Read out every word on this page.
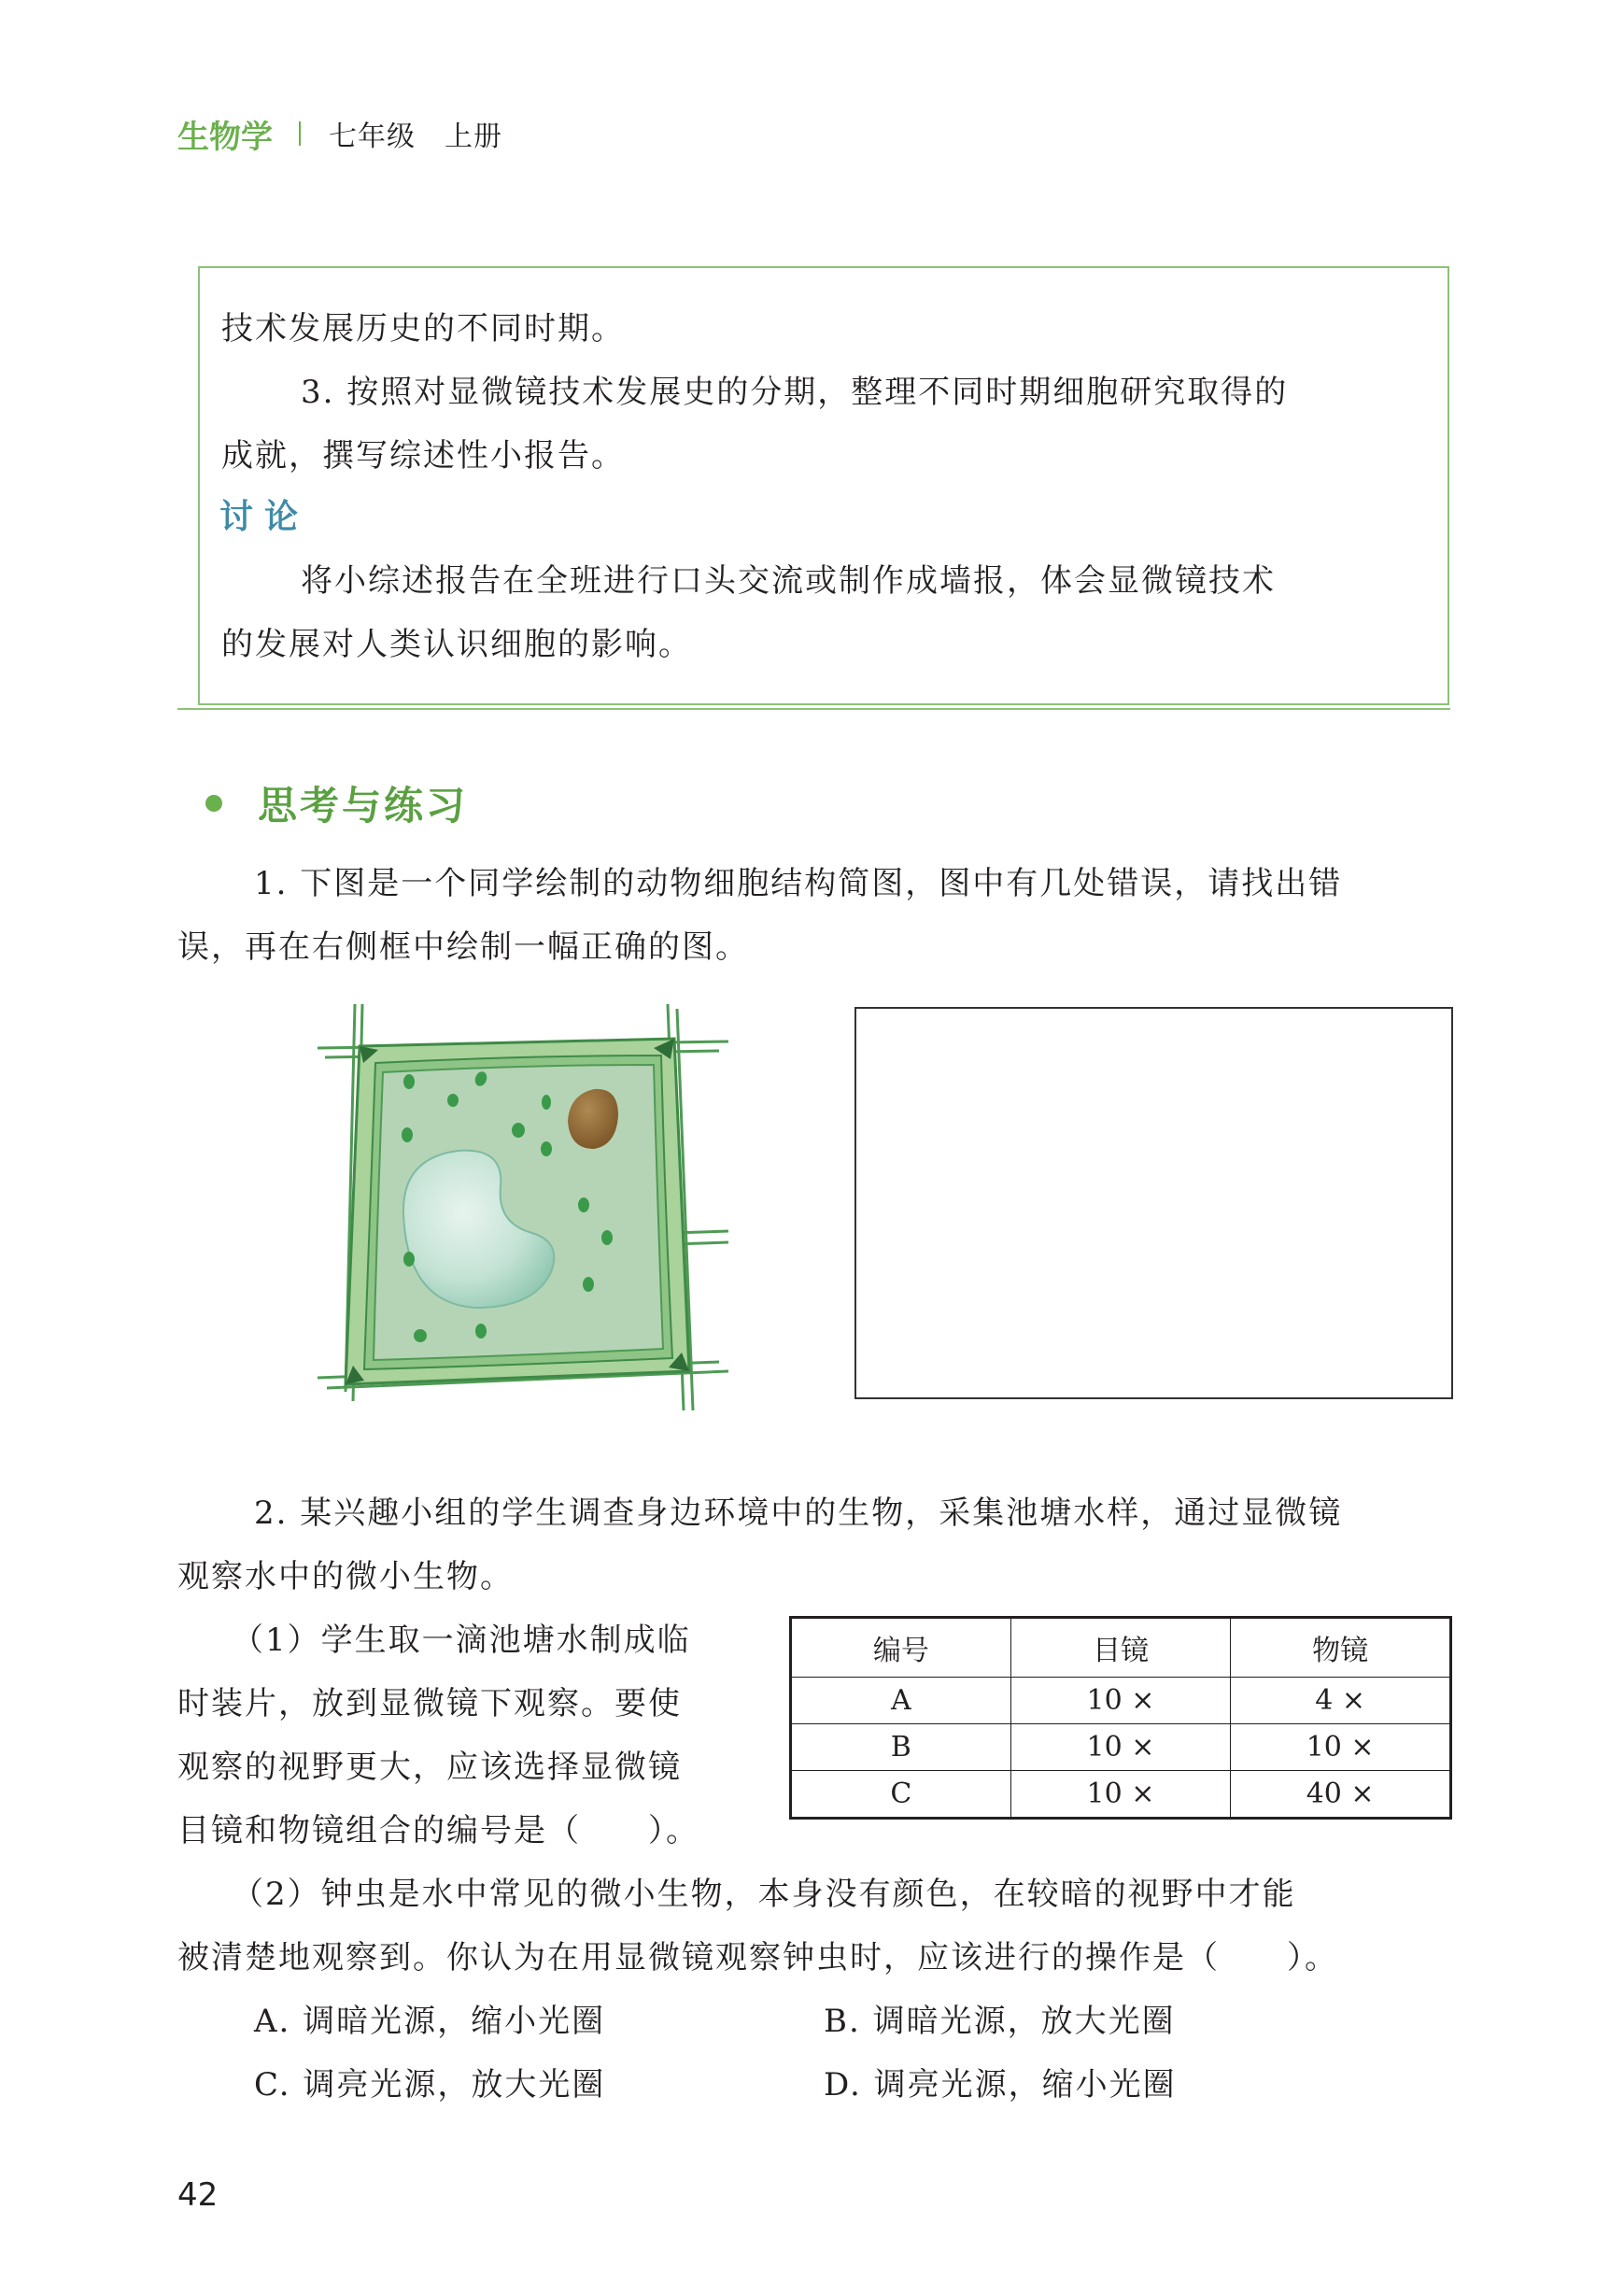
生物学 七年级　上册
技术发展历史的不同时期。
3. 按照对显微镜技术发展史的分期，整理不同时期细胞研究取得的
成就，撰写综述性小报告。
讨论
将小综述报告在全班进行口头交流或制作成墙报，体会显微镜技术
的发展对人类认识细胞的影响。
思考与练习
1. 下图是一个同学绘制的动物细胞结构简图，图中有几处错误，请找出错
误，再在右侧框中绘制一幅正确的图。
2. 某兴趣小组的学生调查身边环境中的生物，采集池塘水样，通过显微镜
观察水中的微小生物。
（1）学生取一滴池塘水制成临
时装片，放到显微镜下观察。要使
观察的视野更大，应该选择显微镜
目镜和物镜组合的编号是（　　）。
编号	目镜	物镜
A	10 ×	4 ×
B	10 ×	10 ×
C	10 ×	40 ×
（2）钟虫是水中常见的微小生物，本身没有颜色，在较暗的视野中才能
被清楚地观察到。你认为在用显微镜观察钟虫时，应该进行的操作是（　　）。
A. 调暗光源，缩小光圈	B. 调暗光源，放大光圈
C. 调亮光源，放大光圈	D. 调亮光源，缩小光圈
42
